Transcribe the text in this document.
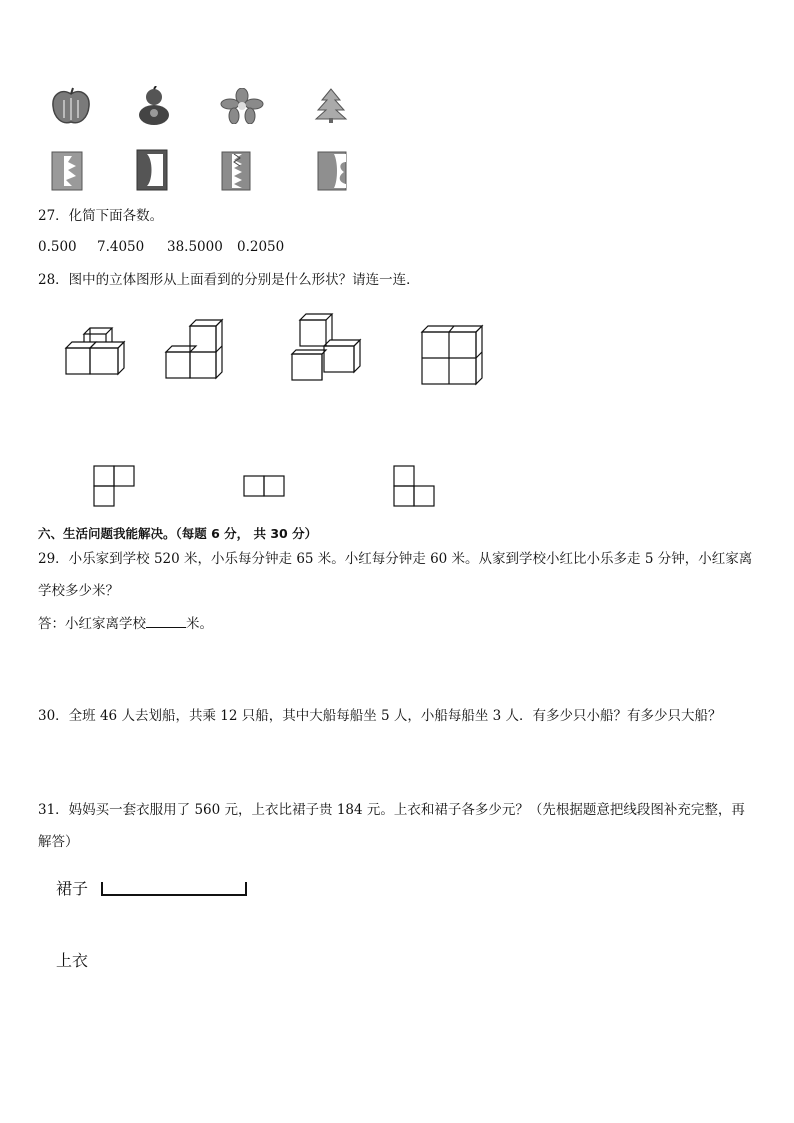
27．化简下面各数。
0.500 7.4050 38.5000 0.2050
28．图中的立体图形从上面看到的分别是什么形状？请连一连．
六、生活问题我能解决。（每题 6 分， 共 30 分）
29．小乐家到学校 520 米，小乐每分钟走 65 米。小红每分钟走 60 米。从家到学校小红比小乐多走 5 分钟，小红家离
学校多少米？
答：小红家离学校	米。
30．全班 46 人去划船，共乘 12 只船，其中大船每船坐 5 人，小船每船坐 3 人．有多少只小船？有多少只大船？
31．妈妈买一套衣服用了 560 元，上衣比裙子贵 184 元。上衣和裙子各多少元？（先根据题意把线段图补充完整，再
解答）
裙子
上衣
